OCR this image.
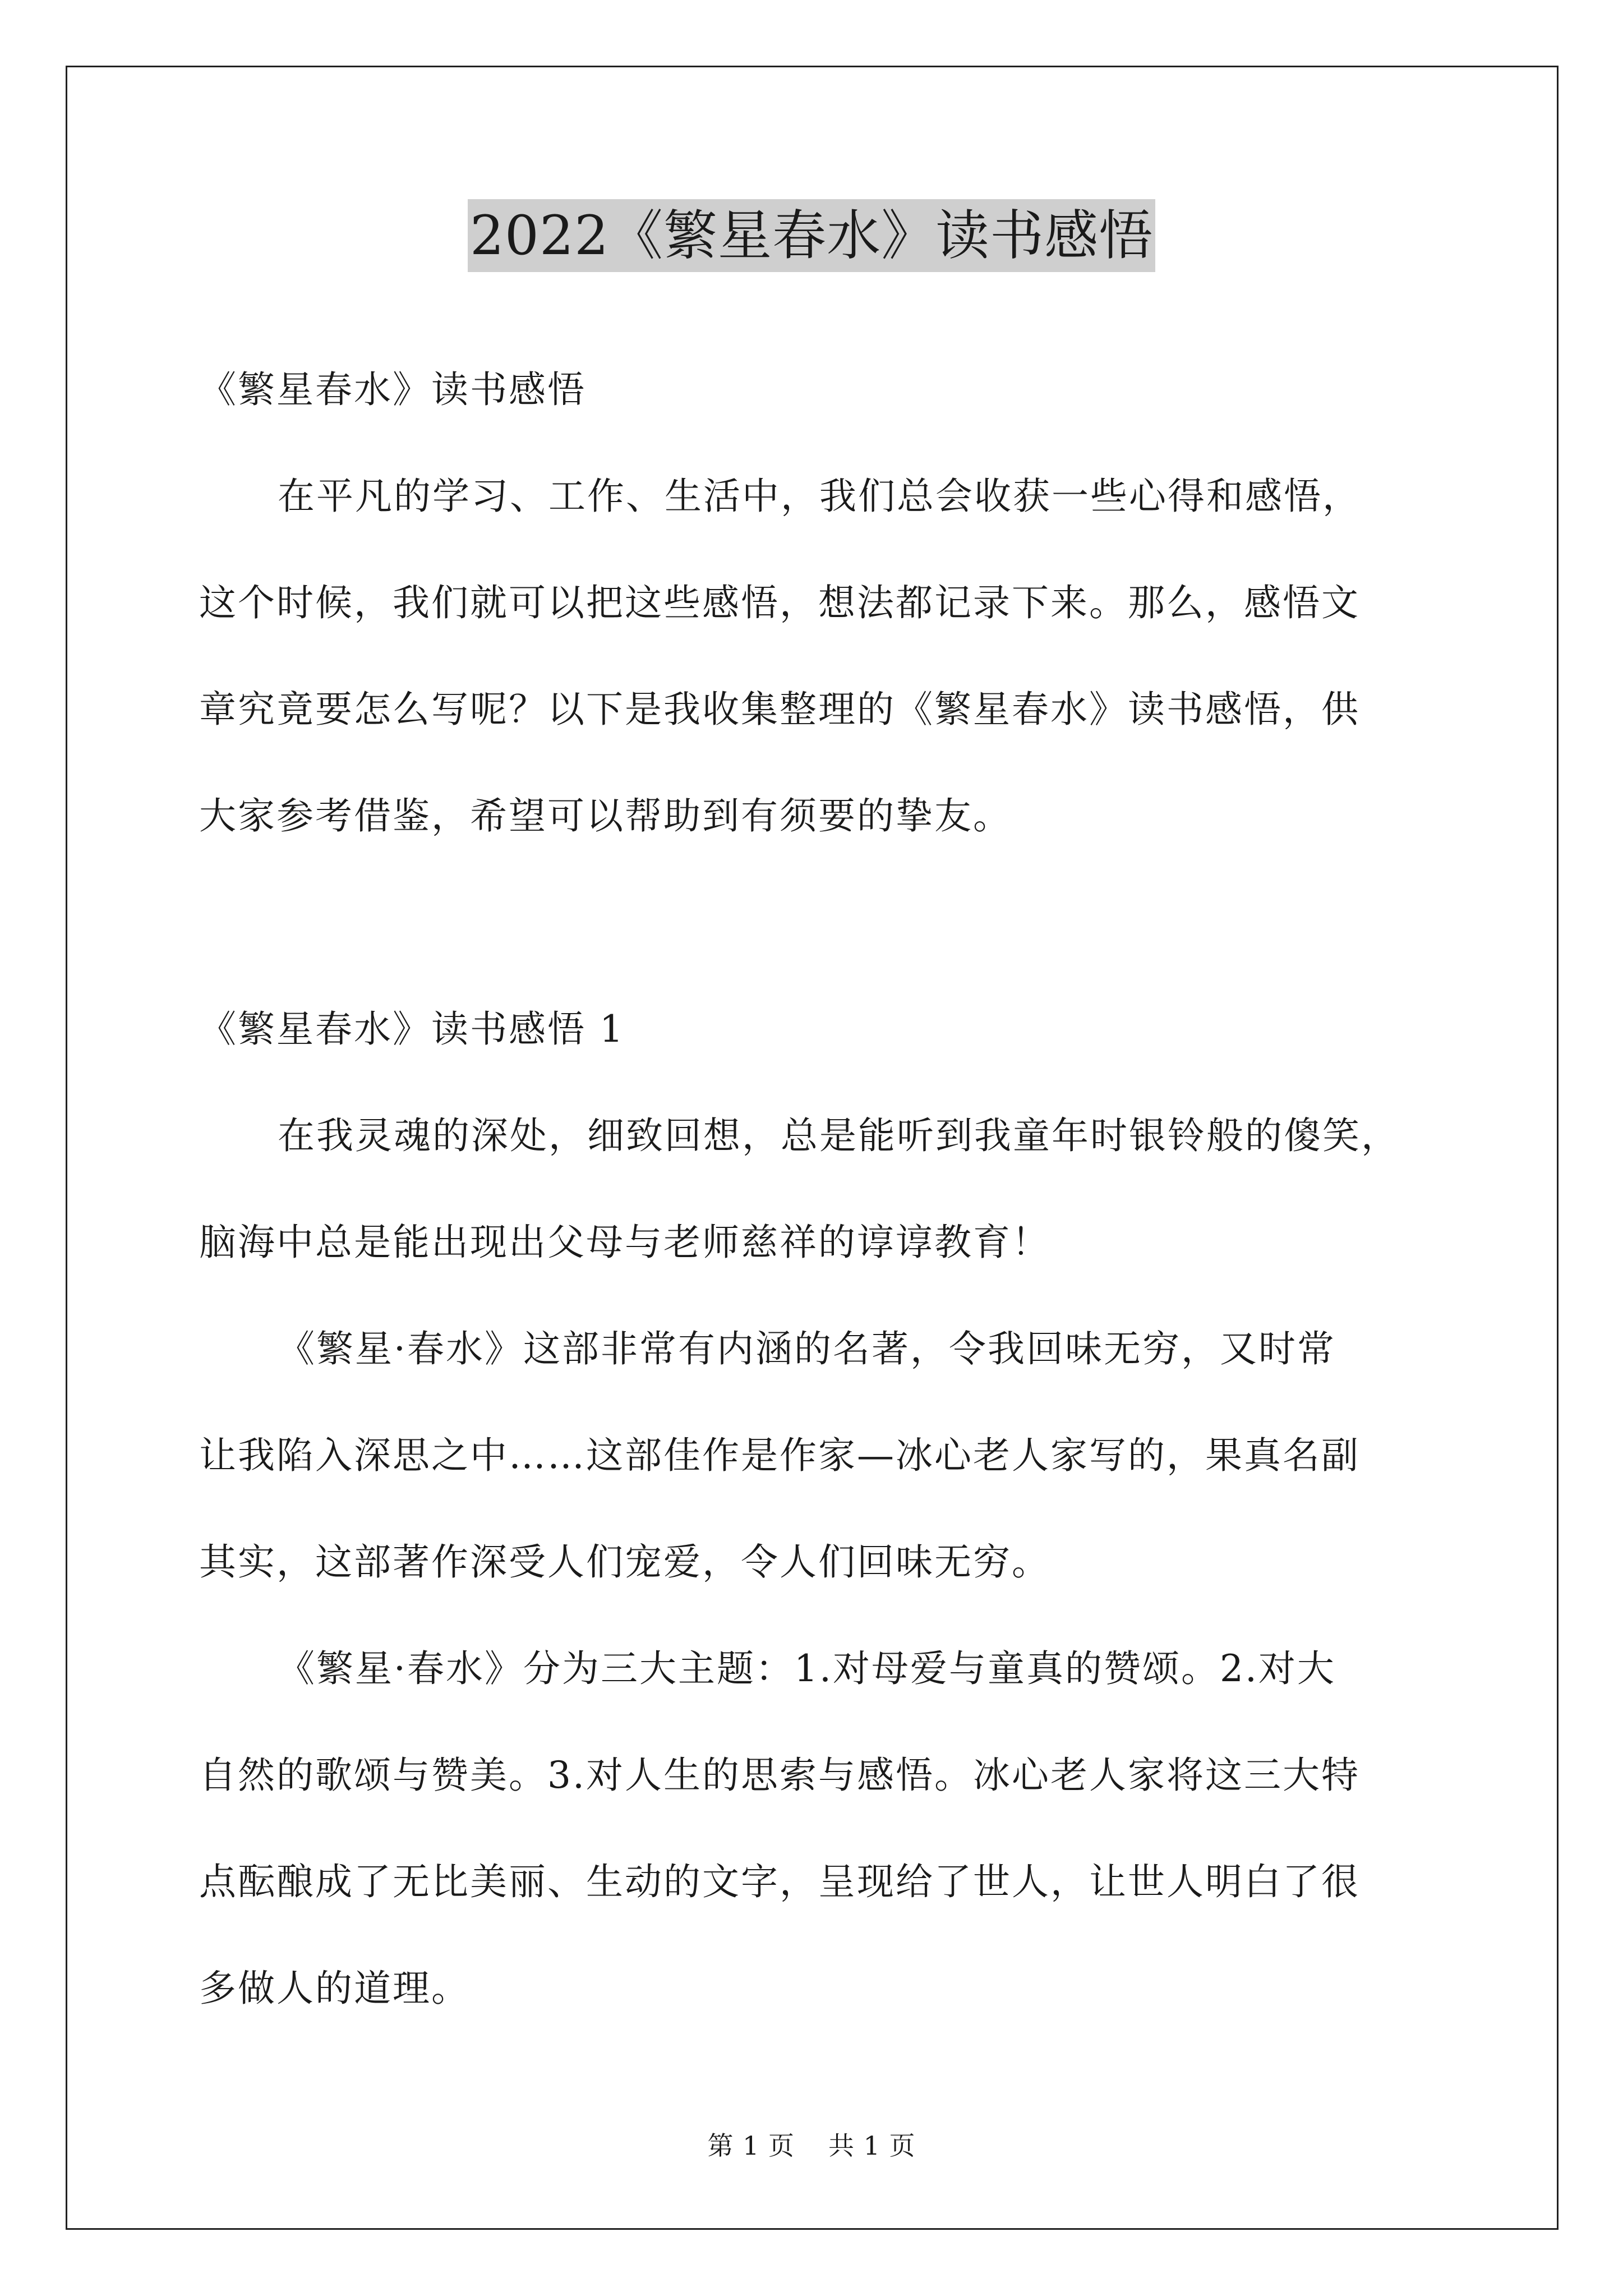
2022《繁星春水》读书感悟
《繁星春水》读书感悟
在平凡的学习、工作、生活中，我们总会收获一些心得和感悟，
这个时候，我们就可以把这些感悟，想法都记录下来。那么，感悟文
章究竟要怎么写呢？以下是我收集整理的《繁星春水》读书感悟，供
大家参考借鉴，希望可以帮助到有须要的挚友。
《繁星春水》读书感悟 1
在我灵魂的深处，细致回想，总是能听到我童年时银铃般的傻笑，
脑海中总是能出现出父母与老师慈祥的谆谆教育！
《繁星·春水》这部非常有内涵的名著，令我回味无穷，又时常
让我陷入深思之中……这部佳作是作家—冰心老人家写的，果真名副
其实，这部著作深受人们宠爱，令人们回味无穷。
《繁星·春水》分为三大主题：1.对母爱与童真的赞颂。2.对大
自然的歌颂与赞美。3.对人生的思索与感悟。冰心老人家将这三大特
点酝酿成了无比美丽、生动的文字，呈现给了世人，让世人明白了很
多做人的道理。
第 1 页 共 1 页
